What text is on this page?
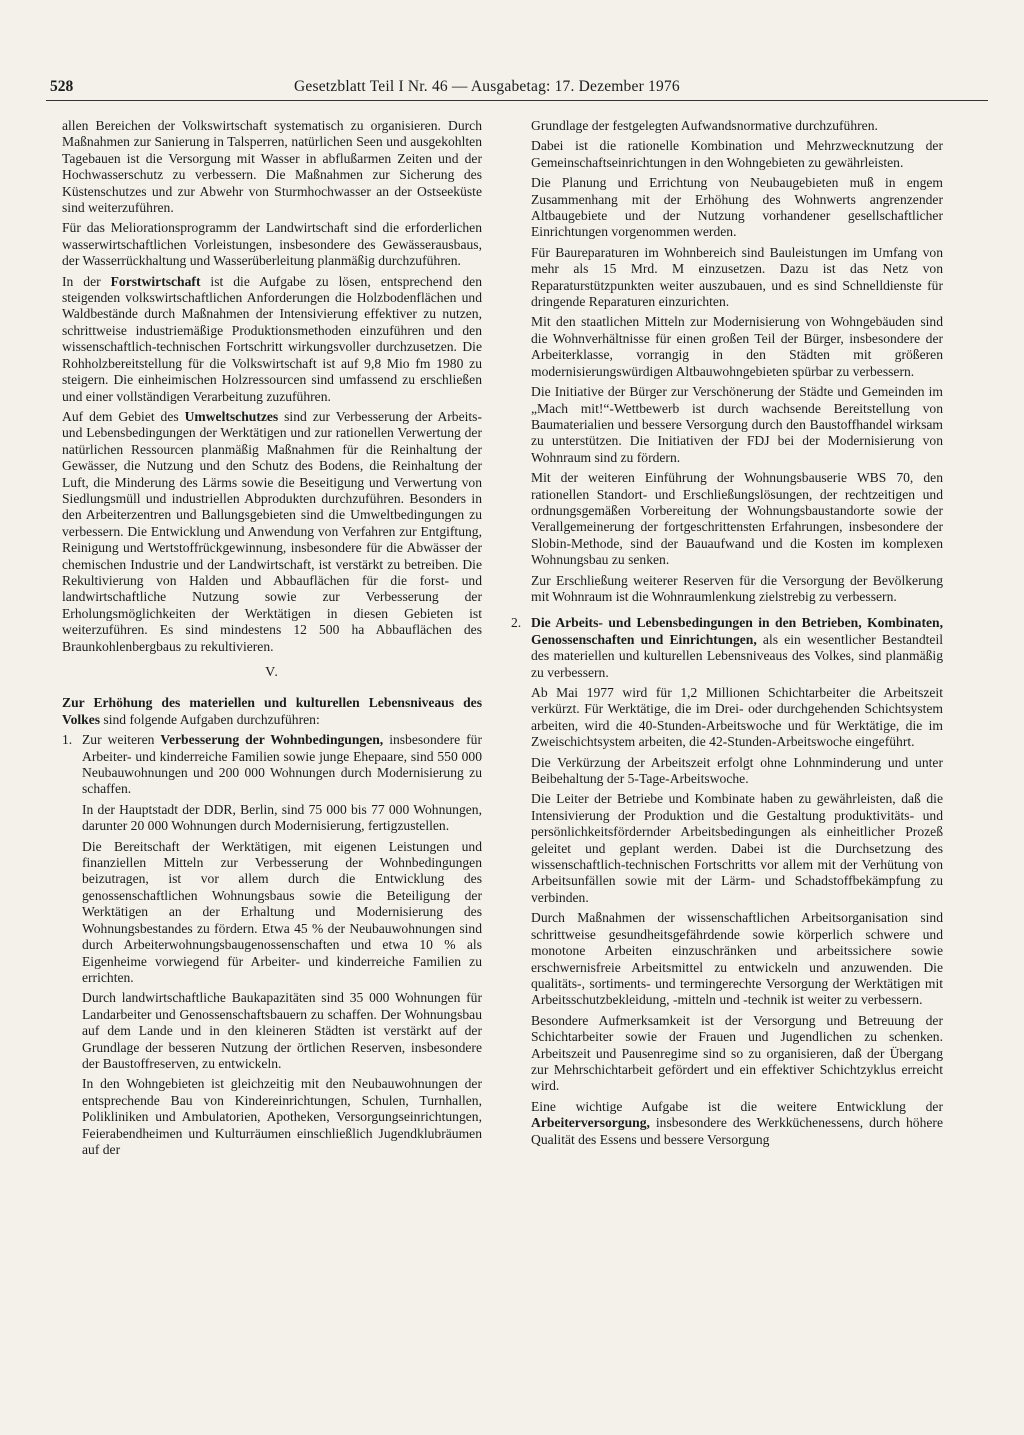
528	Gesetzblatt Teil I Nr. 46 — Ausgabetag: 17. Dezember 1976

allen Bereichen der Volkswirtschaft systematisch zu organisieren. Durch Maßnahmen zur Sanierung in Talsperren, natürlichen Seen und ausgekohlten Tagebauen ist die Versorgung mit Wasser in abflußarmen Zeiten und der Hochwasserschutz zu verbessern. Die Maßnahmen zur Sicherung des Küstenschutzes und zur Abwehr von Sturmhochwasser an der Ostseeküste sind weiterzuführen.

Für das Meliorationsprogramm der Landwirtschaft sind die erforderlichen wasserwirtschaftlichen Vorleistungen, insbesondere des Gewässerausbaus, der Wasserrückhaltung und Wasserüberleitung planmäßig durchzuführen.

In der Forstwirtschaft ist die Aufgabe zu lösen, entsprechend den steigenden volkswirtschaftlichen Anforderungen die Holzbodenflächen und Waldbestände durch Maßnahmen der Intensivierung effektiver zu nutzen, schrittweise industriemäßige Produktionsmethoden einzuführen und den wissenschaftlich-technischen Fortschritt wirkungsvoller durchzusetzen. Die Rohholzbereitstellung für die Volkswirtschaft ist auf 9,8 Mio fm 1980 zu steigern. Die einheimischen Holzressourcen sind umfassend zu erschließen und einer vollständigen Verarbeitung zuzuführen.

Auf dem Gebiet des Umweltschutzes sind zur Verbesserung der Arbeits- und Lebensbedingungen der Werktätigen und zur rationellen Verwertung der natürlichen Ressourcen planmäßig Maßnahmen für die Reinhaltung der Gewässer, die Nutzung und den Schutz des Bodens, die Reinhaltung der Luft, die Minderung des Lärms sowie die Beseitigung und Verwertung von Siedlungsmüll und industriellen Abprodukten durchzuführen. Besonders in den Arbeiterzentren und Ballungsgebieten sind die Umweltbedingungen zu verbessern. Die Entwicklung und Anwendung von Verfahren zur Entgiftung, Reinigung und Wertstoffrückgewinnung, insbesondere für die Abwässer der chemischen Industrie und der Landwirtschaft, ist verstärkt zu betreiben. Die Rekultivierung von Halden und Abbauflächen für die forst- und landwirtschaftliche Nutzung sowie zur Verbesserung der Erholungsmöglichkeiten der Werktätigen in diesen Gebieten ist weiterzuführen. Es sind mindestens 12 500 ha Abbauflächen des Braunkohlenbergbaus zu rekultivieren.

V.

Zur Erhöhung des materiellen und kulturellen Lebensniveaus des Volkes sind folgende Aufgaben durchzuführen:

1. Zur weiteren Verbesserung der Wohnbedingungen, insbesondere für Arbeiter- und kinderreiche Familien sowie junge Ehepaare, sind 550 000 Neubauwohnungen und 200 000 Wohnungen durch Modernisierung zu schaffen.

In der Hauptstadt der DDR, Berlin, sind 75 000 bis 77 000 Wohnungen, darunter 20 000 Wohnungen durch Modernisierung, fertigzustellen.

Die Bereitschaft der Werktätigen, mit eigenen Leistungen und finanziellen Mitteln zur Verbesserung der Wohnbedingungen beizutragen, ist vor allem durch die Entwicklung des genossenschaftlichen Wohnungsbaus sowie die Beteiligung der Werktätigen an der Erhaltung und Modernisierung des Wohnungsbestandes zu fördern. Etwa 45 % der Neubauwohnungen sind durch Arbeiterwohnungsbaugenossenschaften und etwa 10 % als Eigenheime vorwiegend für Arbeiter- und kinderreiche Familien zu errichten.

Durch landwirtschaftliche Baukapazitäten sind 35 000 Wohnungen für Landarbeiter und Genossenschaftsbauern zu schaffen. Der Wohnungsbau auf dem Lande und in den kleineren Städten ist verstärkt auf der Grundlage der besseren Nutzung der örtlichen Reserven, insbesondere der Baustoffreserven, zu entwickeln.

In den Wohngebieten ist gleichzeitig mit den Neubauwohnungen der entsprechende Bau von Kindereinrichtungen, Schulen, Turnhallen, Polikliniken und Ambulatorien, Apotheken, Versorgungseinrichtungen, Feierabendheimen und Kulturräumen einschließlich Jugendklubräumen auf der

Grundlage der festgelegten Aufwandsnormative durchzuführen.

Dabei ist die rationelle Kombination und Mehrzwecknutzung der Gemeinschaftseinrichtungen in den Wohngebieten zu gewährleisten.

Die Planung und Errichtung von Neubaugebieten muß in engem Zusammenhang mit der Erhöhung des Wohnwerts angrenzender Altbaugebiete und der Nutzung vorhandener gesellschaftlicher Einrichtungen vorgenommen werden.

Für Baureparaturen im Wohnbereich sind Bauleistungen im Umfang von mehr als 15 Mrd. M einzusetzen. Dazu ist das Netz von Reparaturstützpunkten weiter auszubauen, und es sind Schnelldienste für dringende Reparaturen einzurichten.

Mit den staatlichen Mitteln zur Modernisierung von Wohngebäuden sind die Wohnverhältnisse für einen großen Teil der Bürger, insbesondere der Arbeiterklasse, vorrangig in den Städten mit größeren modernisierungswürdigen Altbauwohngebieten spürbar zu verbessern.

Die Initiative der Bürger zur Verschönerung der Städte und Gemeinden im „Mach mit!“-Wettbewerb ist durch wachsende Bereitstellung von Baumaterialien und bessere Versorgung durch den Baustoffhandel wirksam zu unterstützen. Die Initiativen der FDJ bei der Modernisierung von Wohnraum sind zu fördern.

Mit der weiteren Einführung der Wohnungsbauserie WBS 70, den rationellen Standort- und Erschließungslösungen, der rechtzeitigen und ordnungsgemäßen Vorbereitung der Wohnungsbaustandorte sowie der Verallgemeinerung der fortgeschrittensten Erfahrungen, insbesondere der Slobin-Methode, sind der Bauaufwand und die Kosten im komplexen Wohnungsbau zu senken.

Zur Erschließung weiterer Reserven für die Versorgung der Bevölkerung mit Wohnraum ist die Wohnraumlenkung zielstrebig zu verbessern.

2. Die Arbeits- und Lebensbedingungen in den Betrieben, Kombinaten, Genossenschaften und Einrichtungen, als ein wesentlicher Bestandteil des materiellen und kulturellen Lebensniveaus des Volkes, sind planmäßig zu verbessern.

Ab Mai 1977 wird für 1,2 Millionen Schichtarbeiter die Arbeitszeit verkürzt. Für Werktätige, die im Drei- oder durchgehenden Schichtsystem arbeiten, wird die 40-Stunden-Arbeitswoche und für Werktätige, die im Zweischichtsystem arbeiten, die 42-Stunden-Arbeitswoche eingeführt.

Die Verkürzung der Arbeitszeit erfolgt ohne Lohnminderung und unter Beibehaltung der 5-Tage-Arbeitswoche.

Die Leiter der Betriebe und Kombinate haben zu gewährleisten, daß die Intensivierung der Produktion und die Gestaltung produktivitäts- und persönlichkeitsfördernder Arbeitsbedingungen als einheitlicher Prozeß geleitet und geplant werden. Dabei ist die Durchsetzung des wissenschaftlich-technischen Fortschritts vor allem mit der Verhütung von Arbeitsunfällen sowie mit der Lärm- und Schadstoffbekämpfung zu verbinden.

Durch Maßnahmen der wissenschaftlichen Arbeitsorganisation sind schrittweise gesundheitsgefährdende sowie körperlich schwere und monotone Arbeiten einzuschränken und arbeitssichere sowie erschwernisfreie Arbeitsmittel zu entwickeln und anzuwenden. Die qualitäts-, sortiments- und termingerechte Versorgung der Werktätigen mit Arbeitsschutzbekleidung, -mitteln und -technik ist weiter zu verbessern.

Besondere Aufmerksamkeit ist der Versorgung und Betreuung der Schichtarbeiter sowie der Frauen und Jugendlichen zu schenken. Arbeitszeit und Pausenregime sind so zu organisieren, daß der Übergang zur Mehrschichtarbeit gefördert und ein effektiver Schichtzyklus erreicht wird.

Eine wichtige Aufgabe ist die weitere Entwicklung der Arbeiterversorgung, insbesondere des Werkküchenessens, durch höhere Qualität des Essens und bessere Versorgung
